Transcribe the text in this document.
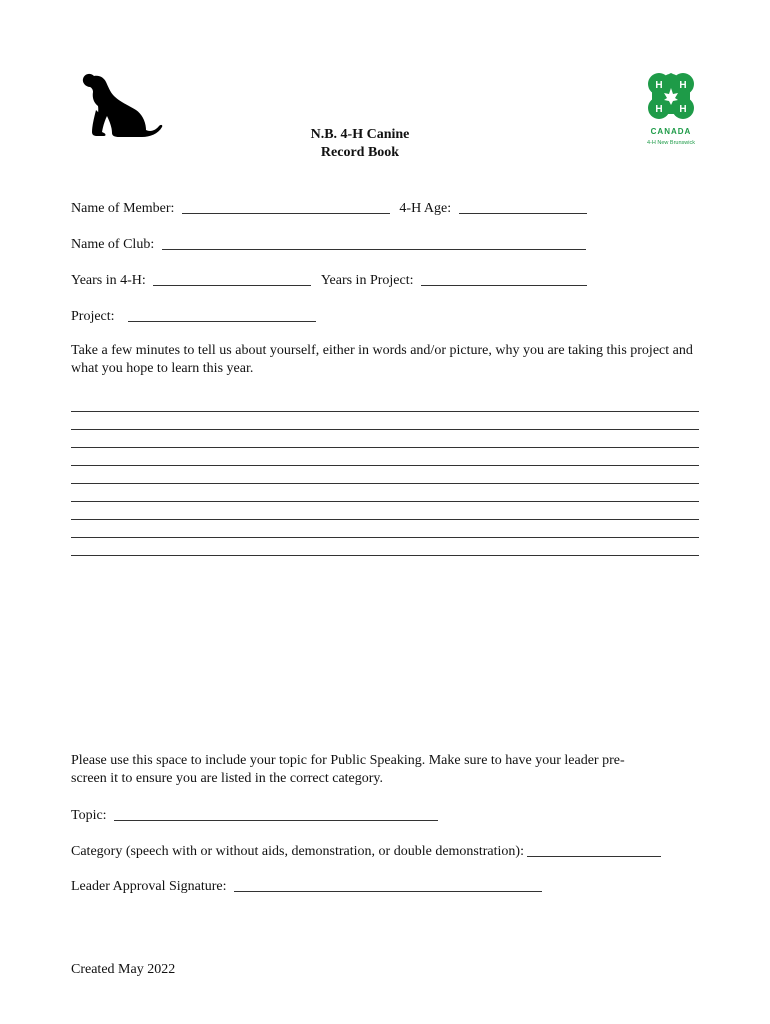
H H
H H
CANADA
4-H New Brunswick
N.B. 4-H Canine
Record Book
Name of Member:	4-H Age:
Name of Club:
Years in 4-H:	Years in Project:
Project:
Take a few minutes to tell us about yourself, either in words and/or picture, why you are taking this project and what you hope to learn this year.
Please use this space to include your topic for Public Speaking. Make sure to have your leader pre-
screen it to ensure you are listed in the correct category.
Topic:
Category (speech with or without aids, demonstration, or double demonstration):
Leader Approval Signature:
Created May 2022
